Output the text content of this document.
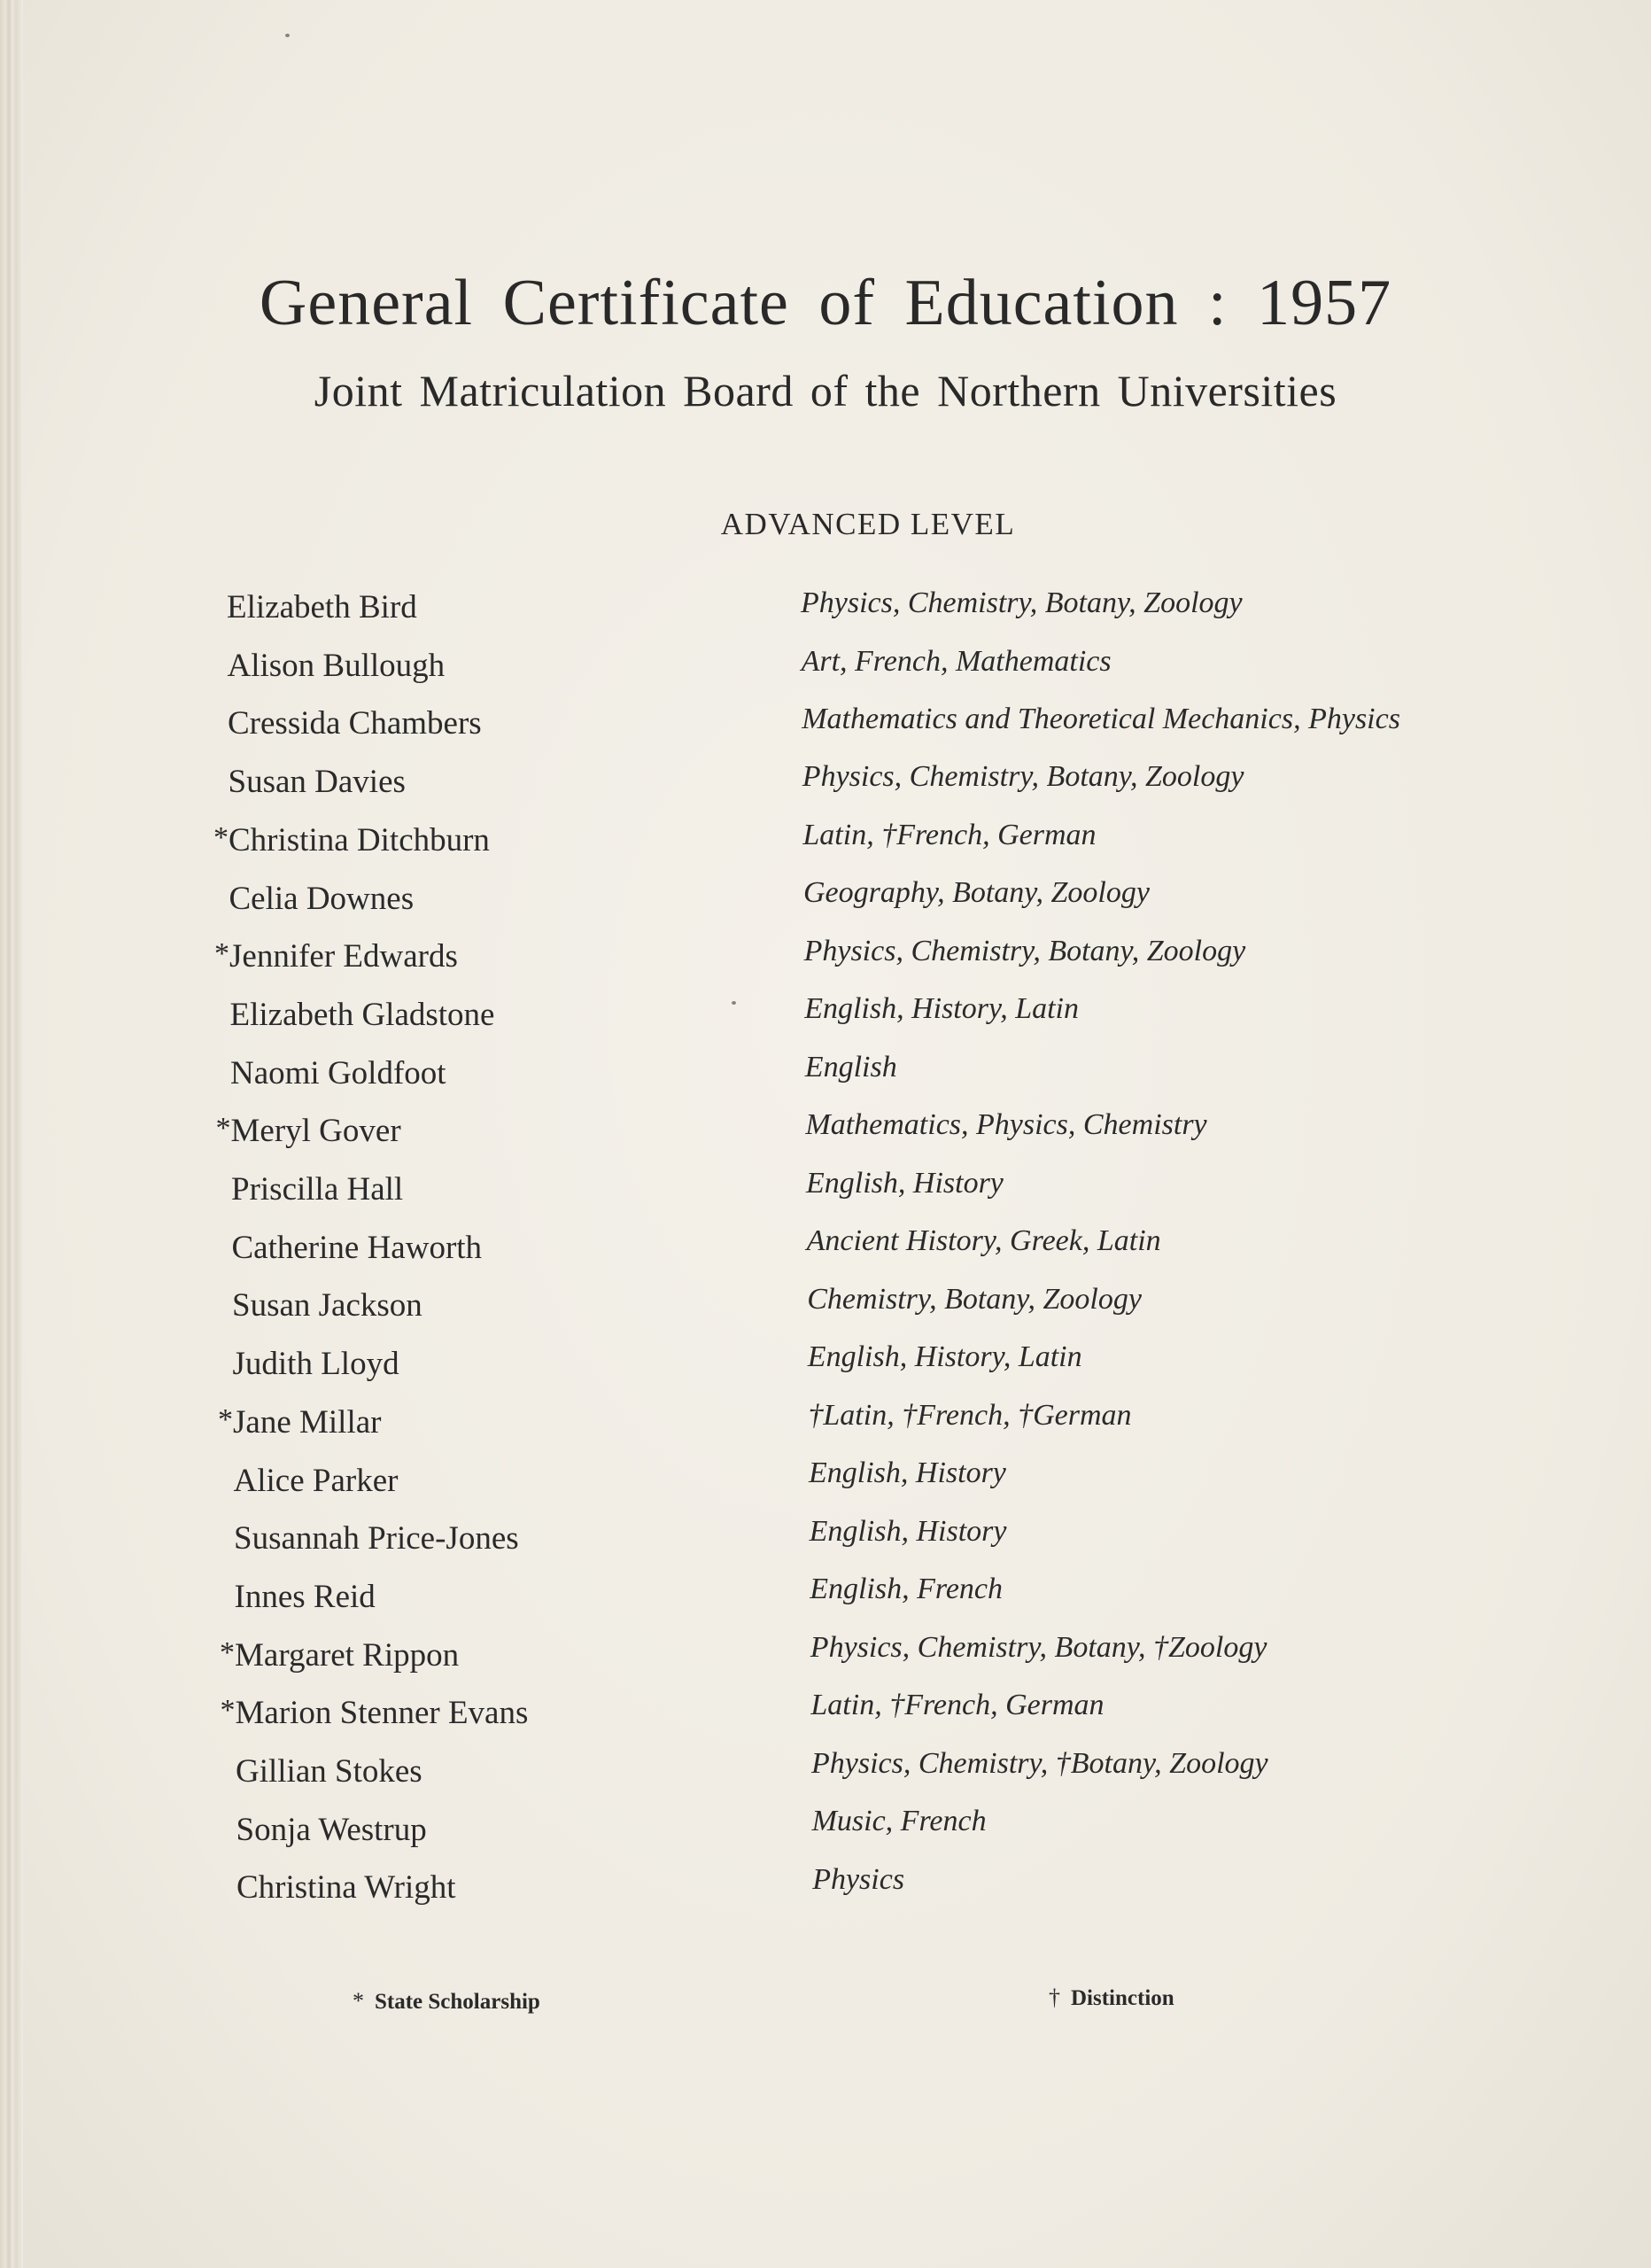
General Certificate of Education : 1957
Joint Matriculation Board of the Northern Universities
ADVANCED LEVEL
Elizabeth Bird	Physics, Chemistry, Botany, Zoology
Alison Bullough	Art, French, Mathematics
Cressida Chambers	Mathematics and Theoretical Mechanics, Physics
Susan Davies	Physics, Chemistry, Botany, Zoology
* Christina Ditchburn	Latin, †French, German
Celia Downes	Geography, Botany, Zoology
* Jennifer Edwards	Physics, Chemistry, Botany, Zoology
Elizabeth Gladstone	English, History, Latin
Naomi Goldfoot	English
* Meryl Gover	Mathematics, Physics, Chemistry
Priscilla Hall	English, History
Catherine Haworth	Ancient History, Greek, Latin
Susan Jackson	Chemistry, Botany, Zoology
Judith Lloyd	English, History, Latin
* Jane Millar	†Latin, †French, †German
Alice Parker	English, History
Susannah Price-Jones	English, History
Innes Reid	English, French
* Margaret Rippon	Physics, Chemistry, Botany, †Zoology
* Marion Stenner Evans	Latin, †French, German
Gillian Stokes	Physics, Chemistry, †Botany, Zoology
Sonja Westrup	Music, French
Christina Wright	Physics
* State Scholarship	† Distinction
